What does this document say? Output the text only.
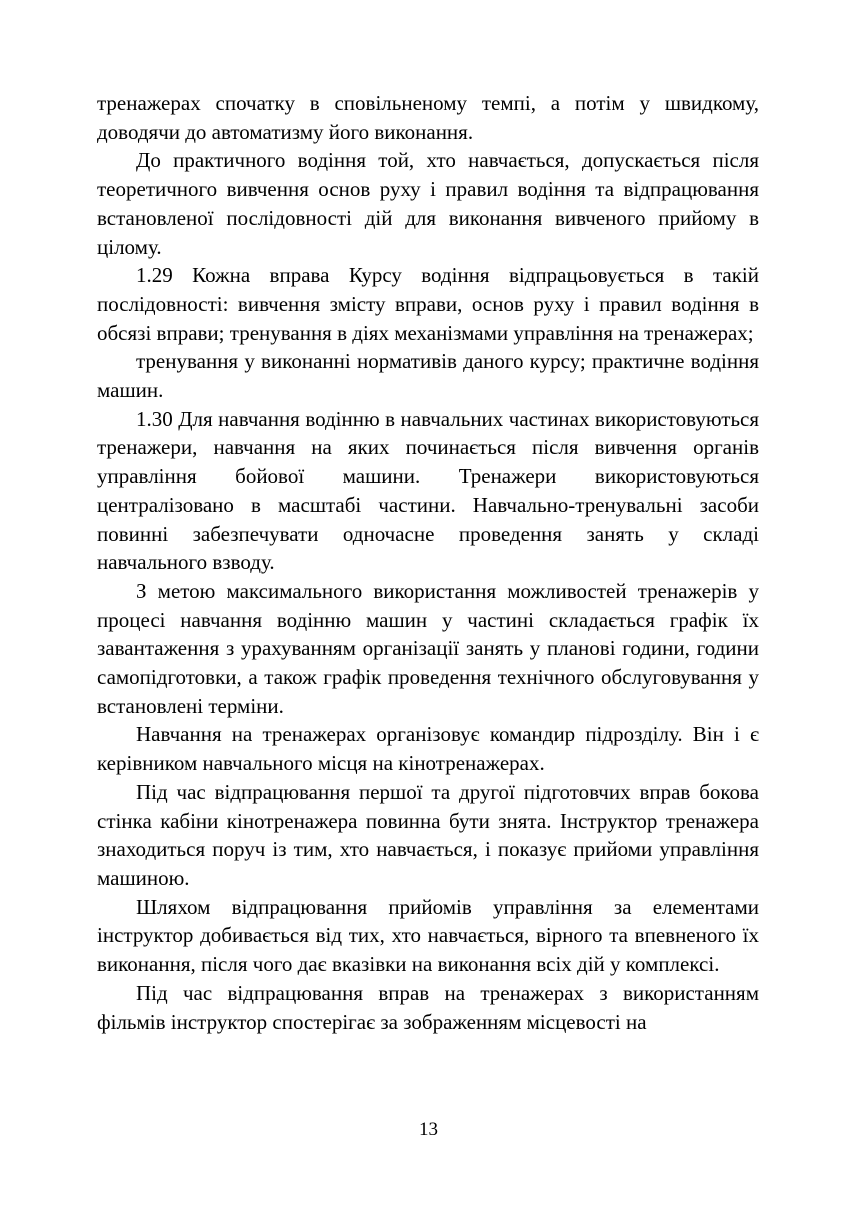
тренажерах спочатку в сповільненому темпі, а потім у швидкому, доводячи до автоматизму його виконання.

До практичного водіння той, хто навчається, допускається після теоретичного вивчення основ руху і правил водіння та відпрацювання встановленої послідовності дій для виконання вивченого прийому в цілому.

1.29 Кожна вправа Курсу водіння відпрацьовується в такій послідовності: вивчення змісту вправи, основ руху і правил водіння в обсязі вправи; тренування в діях механізмами управління на тренажерах;

тренування у виконанні нормативів даного курсу; практичне водіння машин.

1.30 Для навчання водінню в навчальних частинах використовуються тренажери, навчання на яких починається після вивчення органів управління бойової машини. Тренажери використовуються централізовано в масштабі частини. Навчально-тренувальні засоби повинні забезпечувати одночасне проведення занять у складі навчального взводу.

З метою максимального використання можливостей тренажерів у процесі навчання водінню машин у частині складається графік їх завантаження з урахуванням організації занять у планові години, години самопідготовки, а також графік проведення технічного обслуговування у встановлені терміни.

Навчання на тренажерах організовує командир підрозділу. Він і є керівником навчального місця на кінотренажерах.

Під час відпрацювання першої та другої підготовчих вправ бокова стінка кабіни кінотренажера повинна бути знята. Інструктор тренажера знаходиться поруч із тим, хто навчається, і показує прийоми управління машиною.

Шляхом відпрацювання прийомів управління за елементами інструктор добивається від тих, хто навчається, вірного та впевненого їх виконання, після чого дає вказівки на виконання всіх дій у комплексі.

Під час відпрацювання вправ на тренажерах з використанням фільмів інструктор спостерігає за зображенням місцевості на

13
